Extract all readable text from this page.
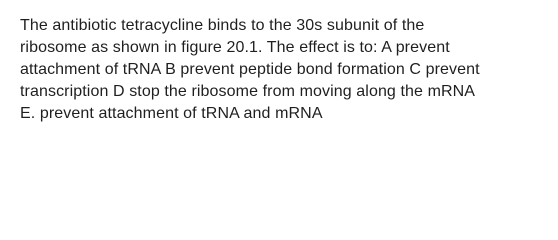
The antibiotic tetracycline binds to the 30s subunit of the

ribosome as shown in figure 20.1. The effect is to: A prevent

attachment of tRNA B prevent peptide bond formation C prevent

transcription D stop the ribosome from moving along the mRNA

E. prevent attachment of tRNA and mRNA
